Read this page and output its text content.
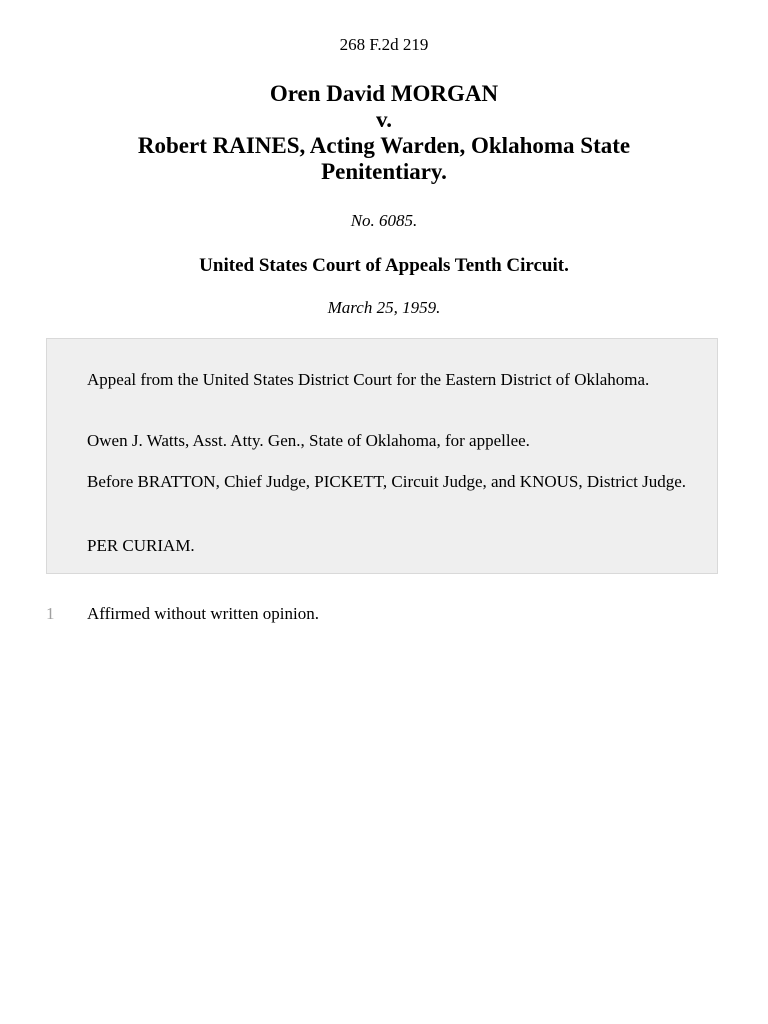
268 F.2d 219
Oren David MORGAN
v.
Robert RAINES, Acting Warden, Oklahoma State
Penitentiary.
No. 6085.
United States Court of Appeals Tenth Circuit.
March 25, 1959.

Appeal from the United States District Court for the Eastern District of Oklahoma.

Owen J. Watts, Asst. Atty. Gen., State of Oklahoma, for appellee.

Before BRATTON, Chief Judge, PICKETT, Circuit Judge, and KNOUS, District Judge.

PER CURIAM.

1 Affirmed without written opinion.
